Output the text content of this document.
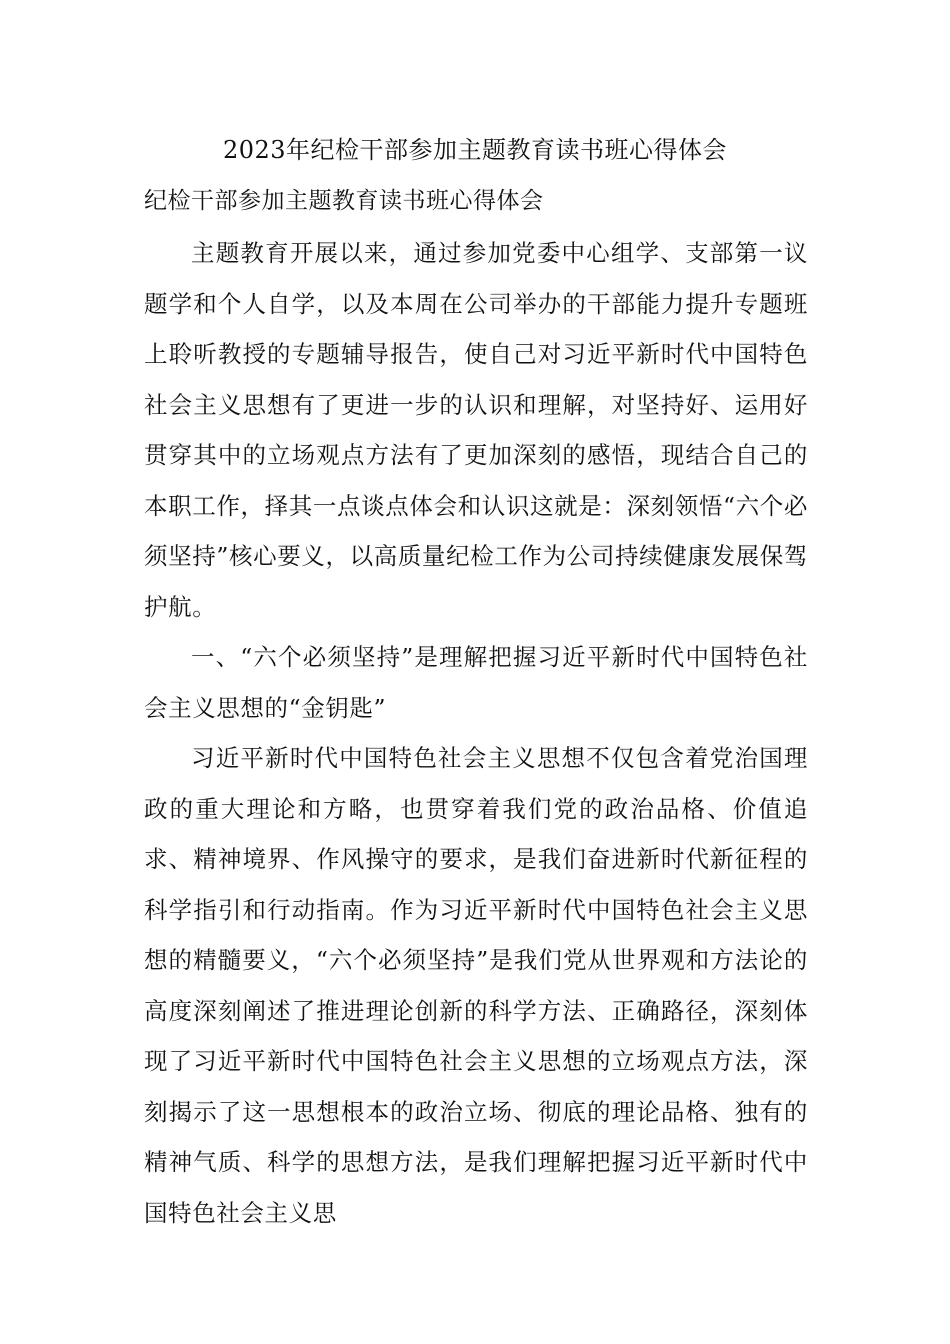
2023年纪检干部参加主题教育读书班心得体会
纪检干部参加主题教育读书班心得体会

主题教育开展以来，通过参加党委中心组学、支部第一议题学和个人自学，以及本周在公司举办的干部能力提升专题班上聆听教授的专题辅导报告，使自己对习近平新时代中国特色社会主义思想有了更进一步的认识和理解，对坚持好、运用好贯穿其中的立场观点方法有了更加深刻的感悟，现结合自己的本职工作，择其一点谈点体会和认识这就是：深刻领悟“六个必须坚持”核心要义，以高质量纪检工作为公司持续健康发展保驾护航。

一、“六个必须坚持”是理解把握习近平新时代中国特色社会主义思想的“金钥匙”

习近平新时代中国特色社会主义思想不仅包含着党治国理政的重大理论和方略，也贯穿着我们党的政治品格、价值追求、精神境界、作风操守的要求，是我们奋进新时代新征程的科学指引和行动指南。作为习近平新时代中国特色社会主义思想的精髓要义，“六个必须坚持”是我们党从世界观和方法论的高度深刻阐述了推进理论创新的科学方法、正确路径，深刻体现了习近平新时代中国特色社会主义思想的立场观点方法，深刻揭示了这一思想根本的政治立场、彻底的理论品格、独有的精神气质、科学的思想方法，是我们理解把握习近平新时代中国特色社会主义思
